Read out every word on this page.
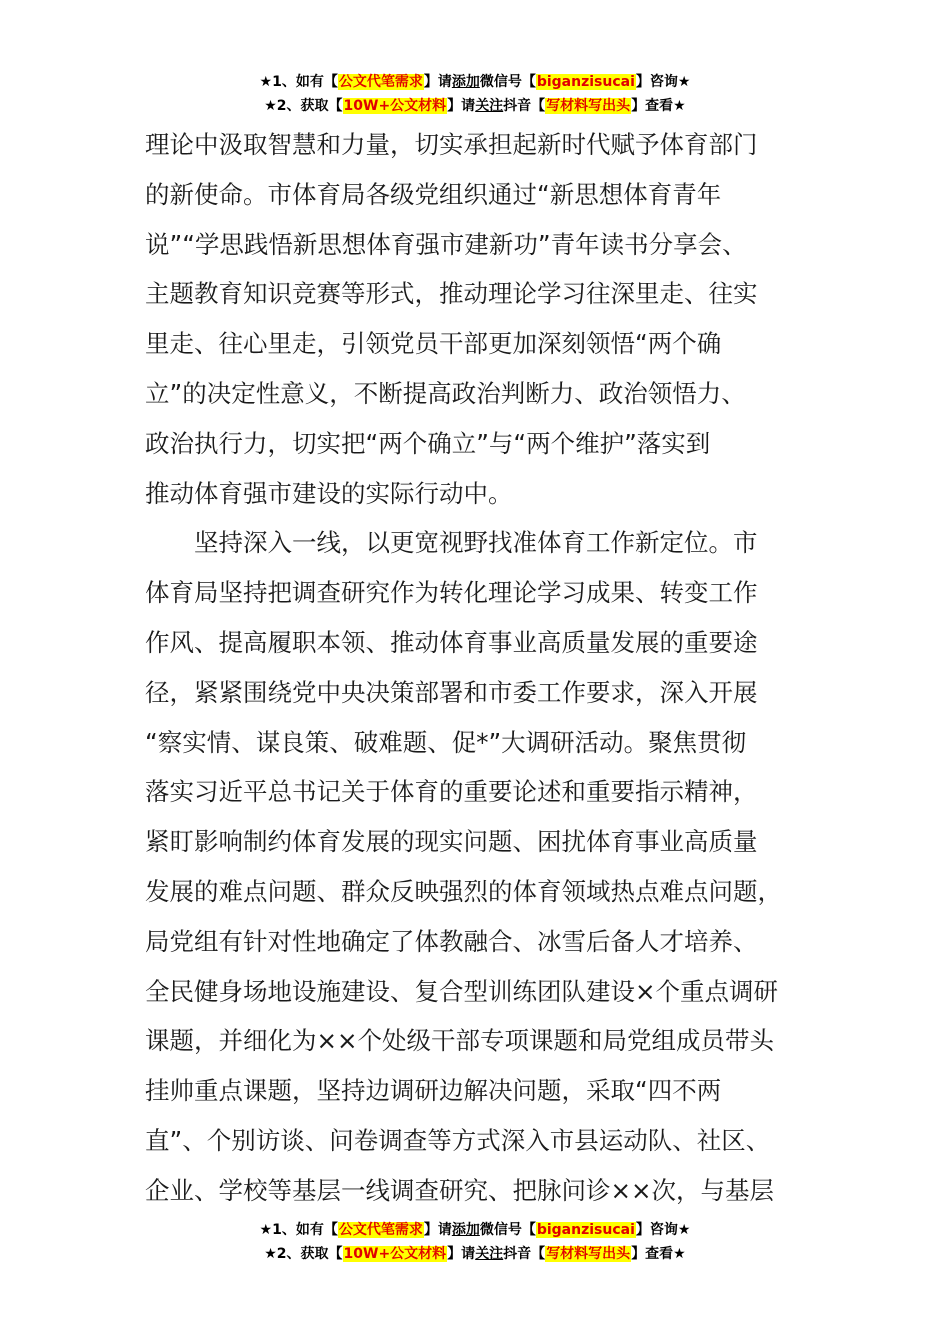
★1、如有【公文代笔需求】请添加微信号【biganzisucai】咨询★
★2、获取【10W+公文材料】请关注抖音【写材料写出头】查看★
理论中汲取智慧和力量，切实承担起新时代赋予体育部门
的新使命。市体育局各级党组织通过“新思想体育青年
说”“学思践悟新思想体育强市建新功”青年读书分享会、
主题教育知识竞赛等形式，推动理论学习往深里走、往实
里走、往心里走，引领党员干部更加深刻领悟“两个确
立”的决定性意义，不断提高政治判断力、政治领悟力、
政治执行力，切实把“两个确立”与“两个维护”落实到
推动体育强市建设的实际行动中。
坚持深入一线，以更宽视野找准体育工作新定位。市
体育局坚持把调查研究作为转化理论学习成果、转变工作
作风、提高履职本领、推动体育事业高质量发展的重要途
径，紧紧围绕党中央决策部署和市委工作要求，深入开展
“察实情、谋良策、破难题、促*”大调研活动。聚焦贯彻
落实习近平总书记关于体育的重要论述和重要指示精神，
紧盯影响制约体育发展的现实问题、困扰体育事业高质量
发展的难点问题、群众反映强烈的体育领域热点难点问题，
局党组有针对性地确定了体教融合、冰雪后备人才培养、
全民健身场地设施建设、复合型训练团队建设×个重点调研
课题，并细化为××个处级干部专项课题和局党组成员带头
挂帅重点课题，坚持边调研边解决问题，采取“四不两
直”、个别访谈、问卷调查等方式深入市县运动队、社区、
企业、学校等基层一线调查研究、把脉问诊××次，与基层
★1、如有【公文代笔需求】请添加微信号【biganzisucai】咨询★
★2、获取【10W+公文材料】请关注抖音【写材料写出头】查看★
